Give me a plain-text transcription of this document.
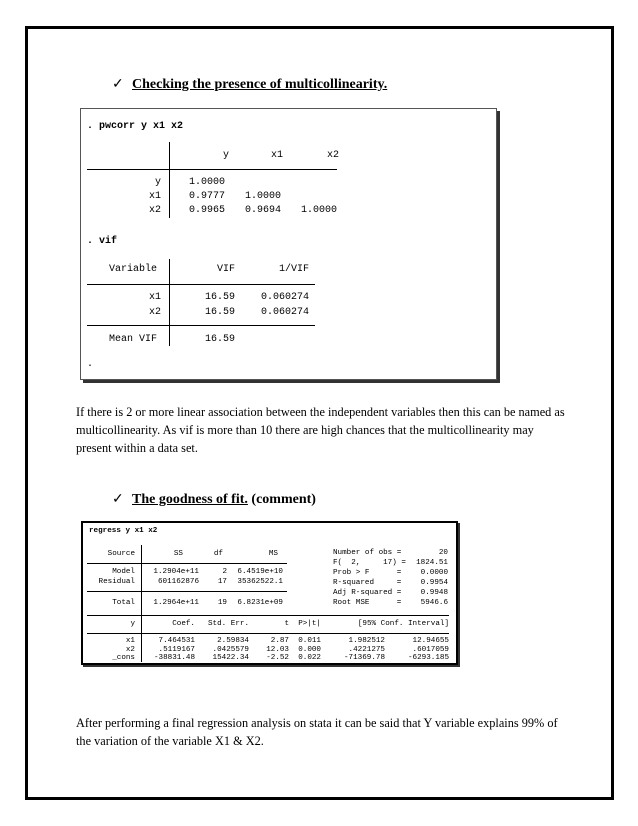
✓ Checking the presence of multicollinearity.
. pwcorr y x1 x2
y	x1	x2
y	1.0000
x1	0.9777 1.0000
x2	0.9965 0.9694 1.0000
. vif
Variable	VIF	1/VIF
x1	16.59	0.060274
x2	16.59	0.060274
Mean VIF	16.59
.

If there is 2 or more linear association between the independent variables then this can be named as multicollinearity. As vif is more than 10 there are high chances that the multicollinearity may present within a data set.

✓ The goodness of fit. (comment)
regress y x1 x2
Source	SS	df	MS
Model	1.2904e+11	2	6.4519e+10
Residual	601162876	17	35362522.1
Total	1.2964e+11	19	6.8231e+09
Number of obs =	20
F(  2,     17) =	1824.51
Prob > F      =	0.0000
R-squared     =	0.9954
Adj R-squared =	0.9948
Root MSE      =	5946.6
y	Coef.	Std. Err.	t	P>|t|	[95% Conf. Interval]
x1	7.464531	2.59834	2.87	0.011	1.982512	12.94655
x2	.5119167	.0425579	12.03	0.000	.4221275	.6017059
_cons	-38831.48	15422.34	-2.52	0.022	-71369.78	-6293.185

After performing a final regression analysis on stata it can be said that Y variable explains 99% of the variation of the variable X1 & X2.
